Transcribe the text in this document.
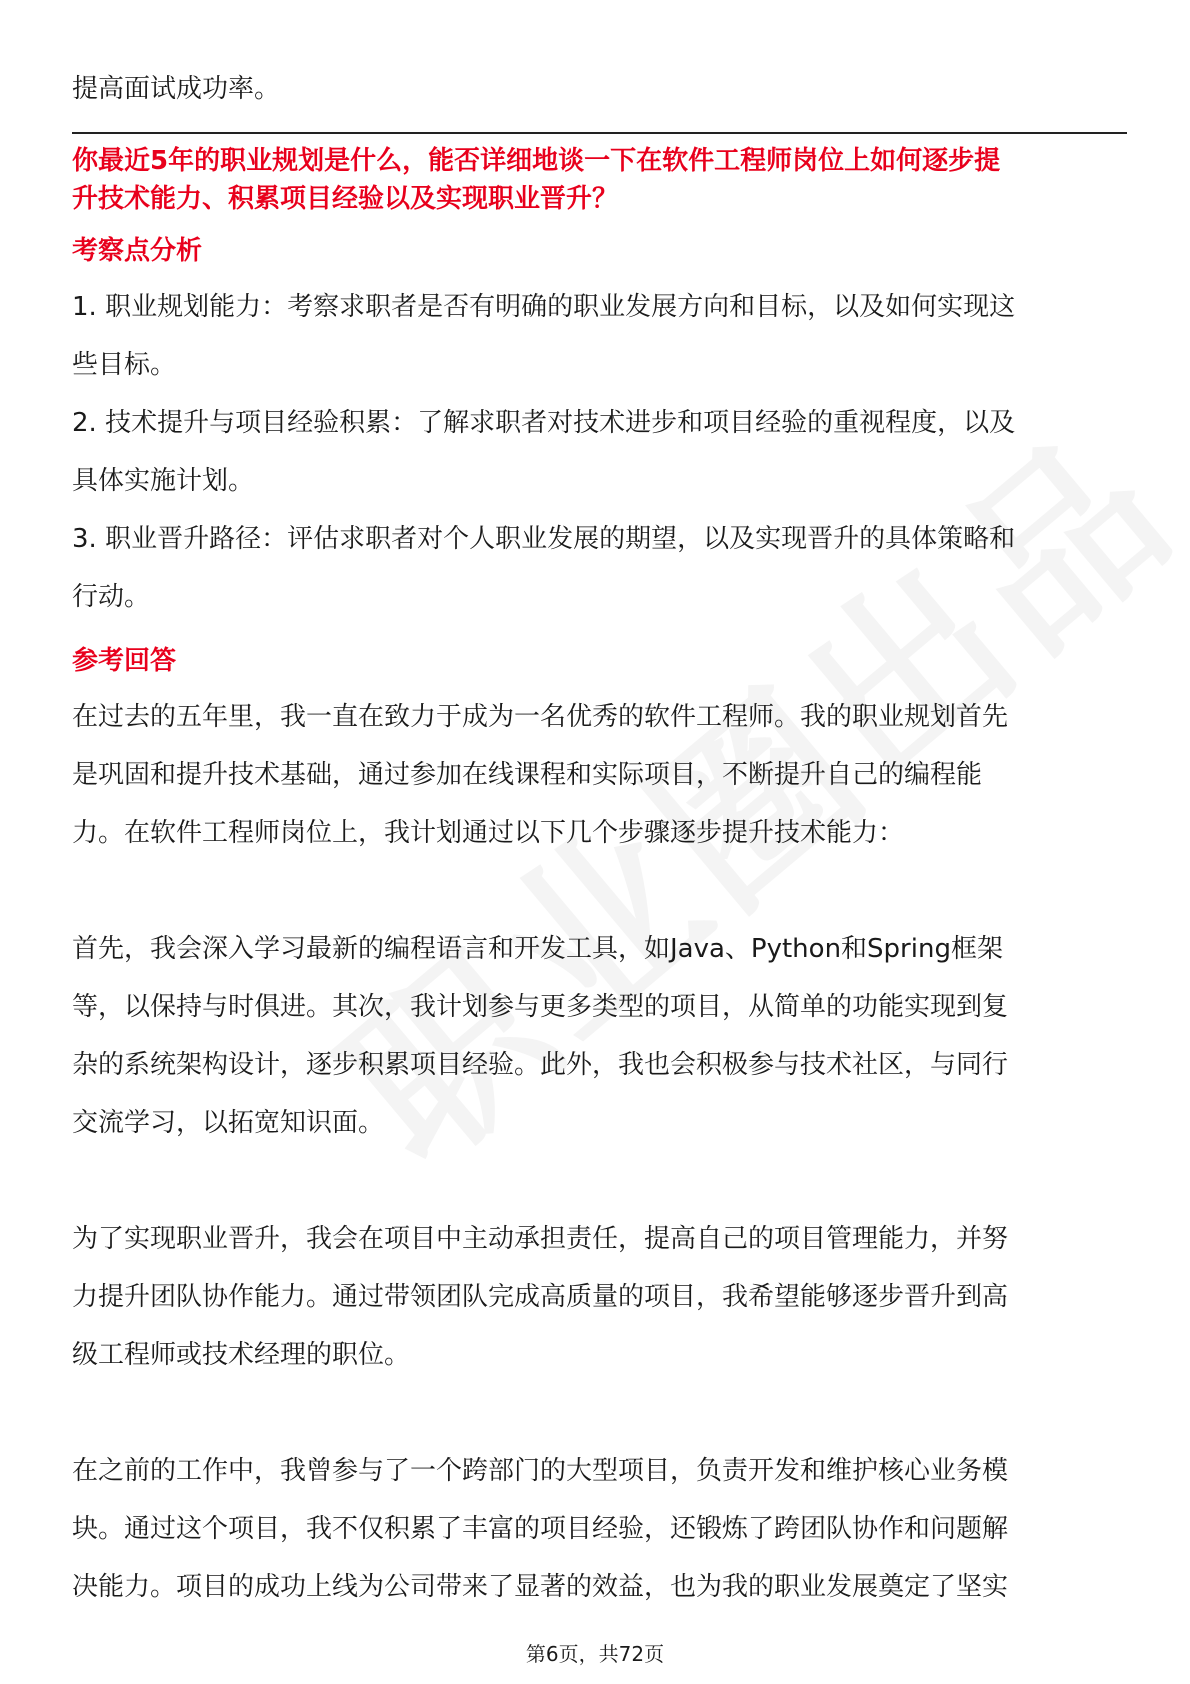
提高面试成功率。

你最近5年的职业规划是什么，能否详细地谈一下在软件工程师岗位上如何逐步提

升技术能力、积累项目经验以及实现职业晋升？

考察点分析

1. 职业规划能力：考察求职者是否有明确的职业发展方向和目标，以及如何实现这

些目标。

2. 技术提升与项目经验积累：了解求职者对技术进步和项目经验的重视程度，以及

具体实施计划。

3. 职业晋升路径：评估求职者对个人职业发展的期望，以及实现晋升的具体策略和

行动。

参考回答

在过去的五年里，我一直在致力于成为一名优秀的软件工程师。我的职业规划首先

是巩固和提升技术基础，通过参加在线课程和实际项目，不断提升自己的编程能

力。在软件工程师岗位上，我计划通过以下几个步骤逐步提升技术能力：

首先，我会深入学习最新的编程语言和开发工具，如Java、Python和Spring框架

等，以保持与时俱进。其次，我计划参与更多类型的项目，从简单的功能实现到复

杂的系统架构设计，逐步积累项目经验。此外，我也会积极参与技术社区，与同行

交流学习，以拓宽知识面。

为了实现职业晋升，我会在项目中主动承担责任，提高自己的项目管理能力，并努

力提升团队协作能力。通过带领团队完成高质量的项目，我希望能够逐步晋升到高

级工程师或技术经理的职位。

在之前的工作中，我曾参与了一个跨部门的大型项目，负责开发和维护核心业务模

块。通过这个项目，我不仅积累了丰富的项目经验，还锻炼了跨团队协作和问题解

决能力。项目的成功上线为公司带来了显著的效益，也为我的职业发展奠定了坚实

第6页，共72页
